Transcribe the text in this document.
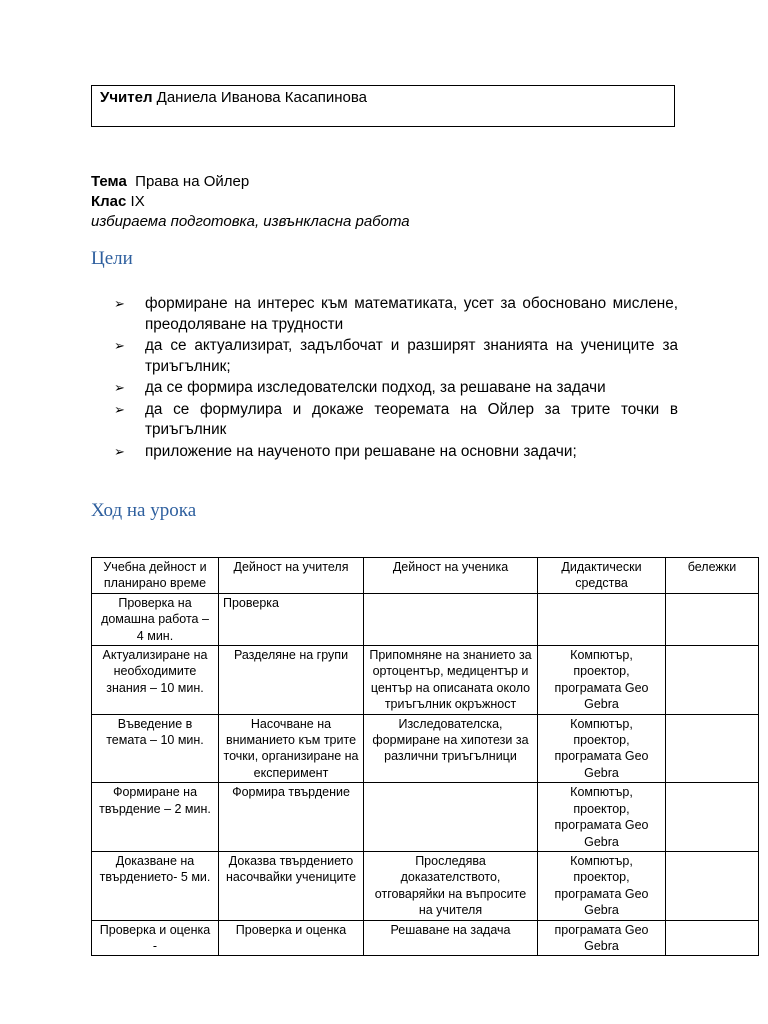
Учител Даниела Иванова Касапинова
Тема Права на Ойлер
Клас IX
избираема подготовка, извънкласна работа
Цели
➢ формиране на интерес към математиката, усет за обосновано мислене, преодоляване на трудности
➢ да се актуализират, задълбочат и разширят знанията на учениците за триъгълник;
➢ да се формира изследователски подход, за решаване на задачи
➢ да се формулира и докаже теоремата на Ойлер за трите точки в триъгълник
➢ приложение на наученото при решаване на основни задачи;
Ход на урока
Учебна дейност и планирано време	Дейност на учителя	Дейност на ученика	Дидактически средства	бележки
Проверка на домашна работа – 4 мин.	Проверка			
Актуализиране на необходимите знания – 10 мин.	Разделяне на групи	Припомняне на знанието за ортоцентър, медицентър и център на описаната около триъгълник окръжност	Компютър, проектор, програмата Geo Gebra	
Въведение в темата – 10 мин.	Насочване на вниманието към трите точки, организиране на експеримент	Изследователска, формиране на хипотези за различни триъгълници	Компютър, проектор, програмата Geo Gebra	
Формиране на твърдение – 2 мин.	Формира твърдение		Компютър, проектор, програмата Geo Gebra	
Доказване на твърдението- 5 ми.	Доказва твърдението насочвайки учениците	Проследява доказателството, отговаряйки на въпросите на учителя	Компютър, проектор, програмата Geo Gebra	
Проверка и оценка -	Проверка и оценка	Решаване на задача	програмата Geo Gebra	
